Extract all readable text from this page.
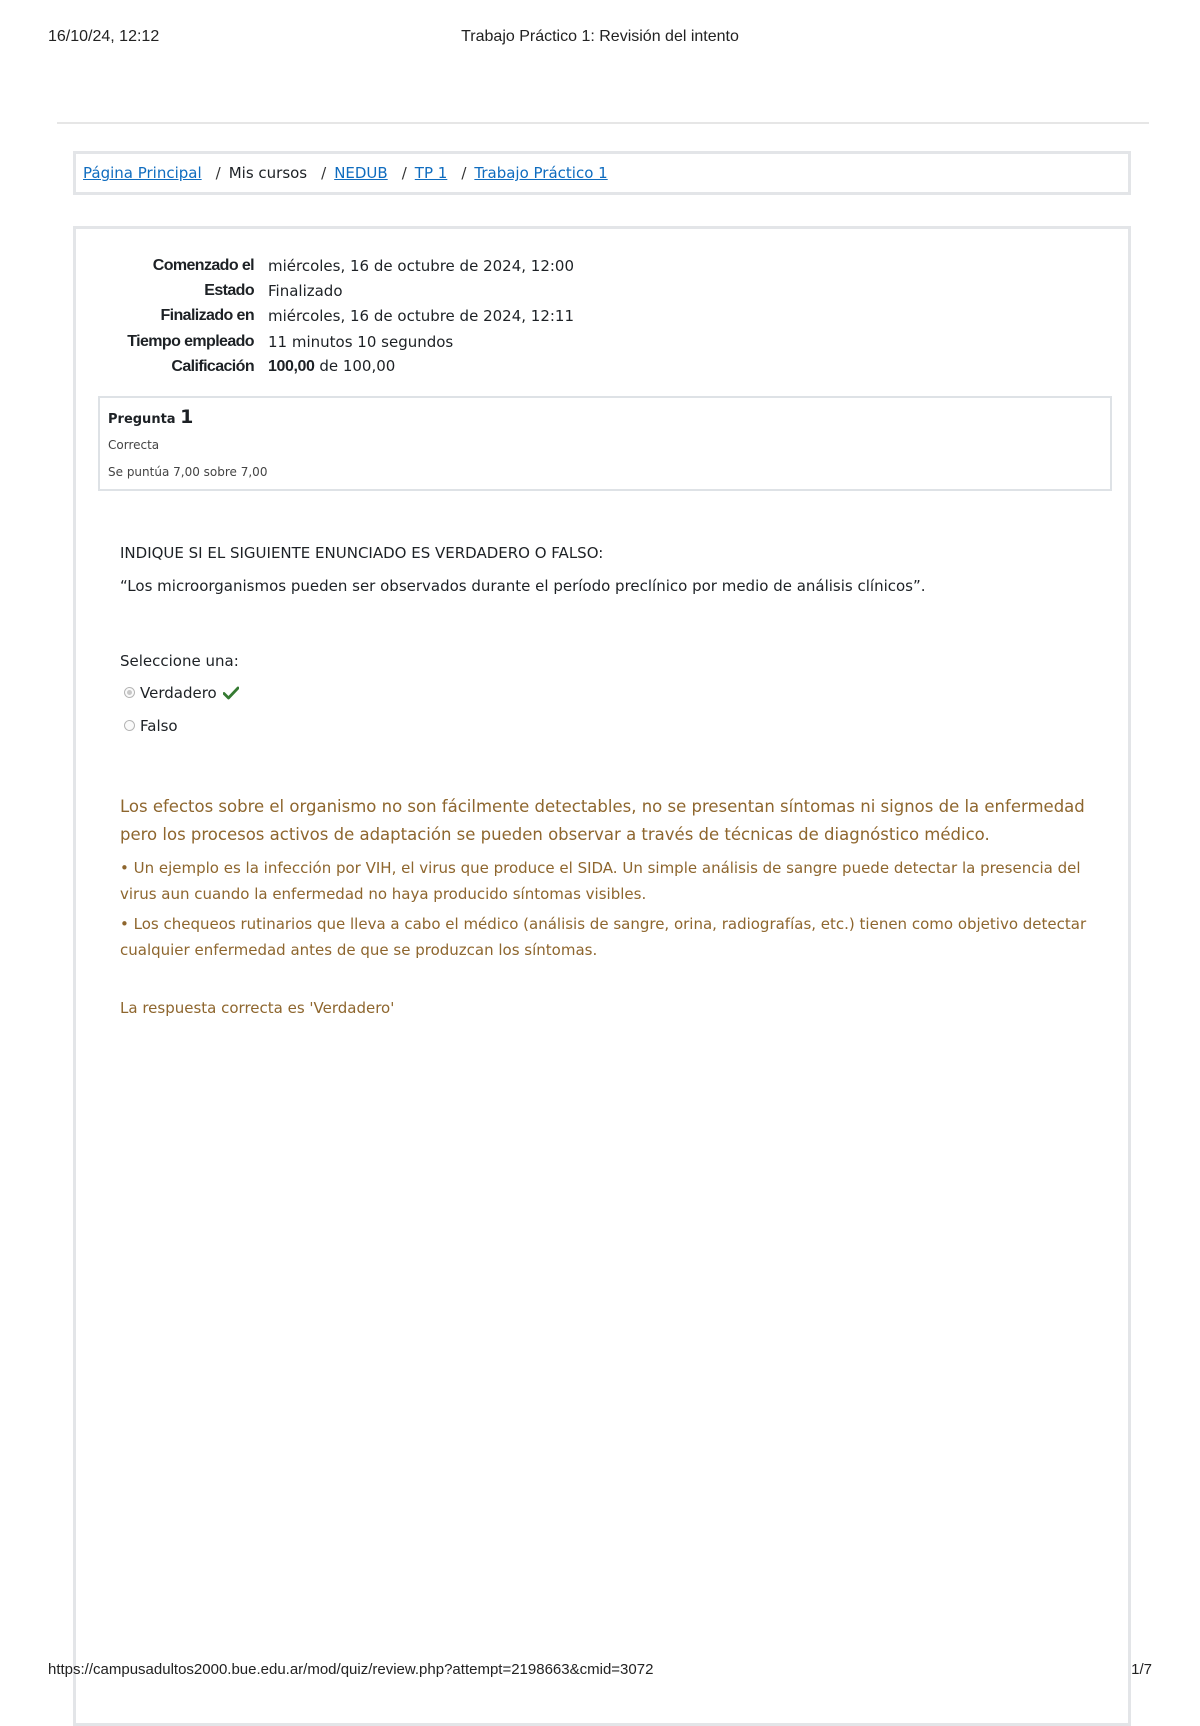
16/10/24, 12:12	Trabajo Práctico 1: Revisión del intento
Página Principal / Mis cursos / NEDUB / TP 1 / Trabajo Práctico 1
Comenzado el	miércoles, 16 de octubre de 2024, 12:00
Estado	Finalizado
Finalizado en	miércoles, 16 de octubre de 2024, 12:11
Tiempo empleado	11 minutos 10 segundos
Calificación	100,00 de 100,00
Pregunta 1
Correcta
Se puntúa 7,00 sobre 7,00
INDIQUE SI EL SIGUIENTE ENUNCIADO ES VERDADERO O FALSO:
“Los microorganismos pueden ser observados durante el período preclínico por medio de análisis clínicos”.
Seleccione una:
Verdadero
Falso

Los efectos sobre el organismo no son fácilmente detectables, no se presentan síntomas ni signos de la enfermedad pero los procesos activos de adaptación se pueden observar a través de técnicas de diagnóstico médico.

• Un ejemplo es la infección por VIH, el virus que produce el SIDA. Un simple análisis de sangre puede detectar la presencia del virus aun cuando la enfermedad no haya producido síntomas visibles.

• Los chequeos rutinarios que lleva a cabo el médico (análisis de sangre, orina, radiografías, etc.) tienen como objetivo detectar cualquier enfermedad antes de que se produzcan los síntomas.

La respuesta correcta es 'Verdadero'
https://campusadultos2000.bue.edu.ar/mod/quiz/review.php?attempt=2198663&cmid=3072	1/7
